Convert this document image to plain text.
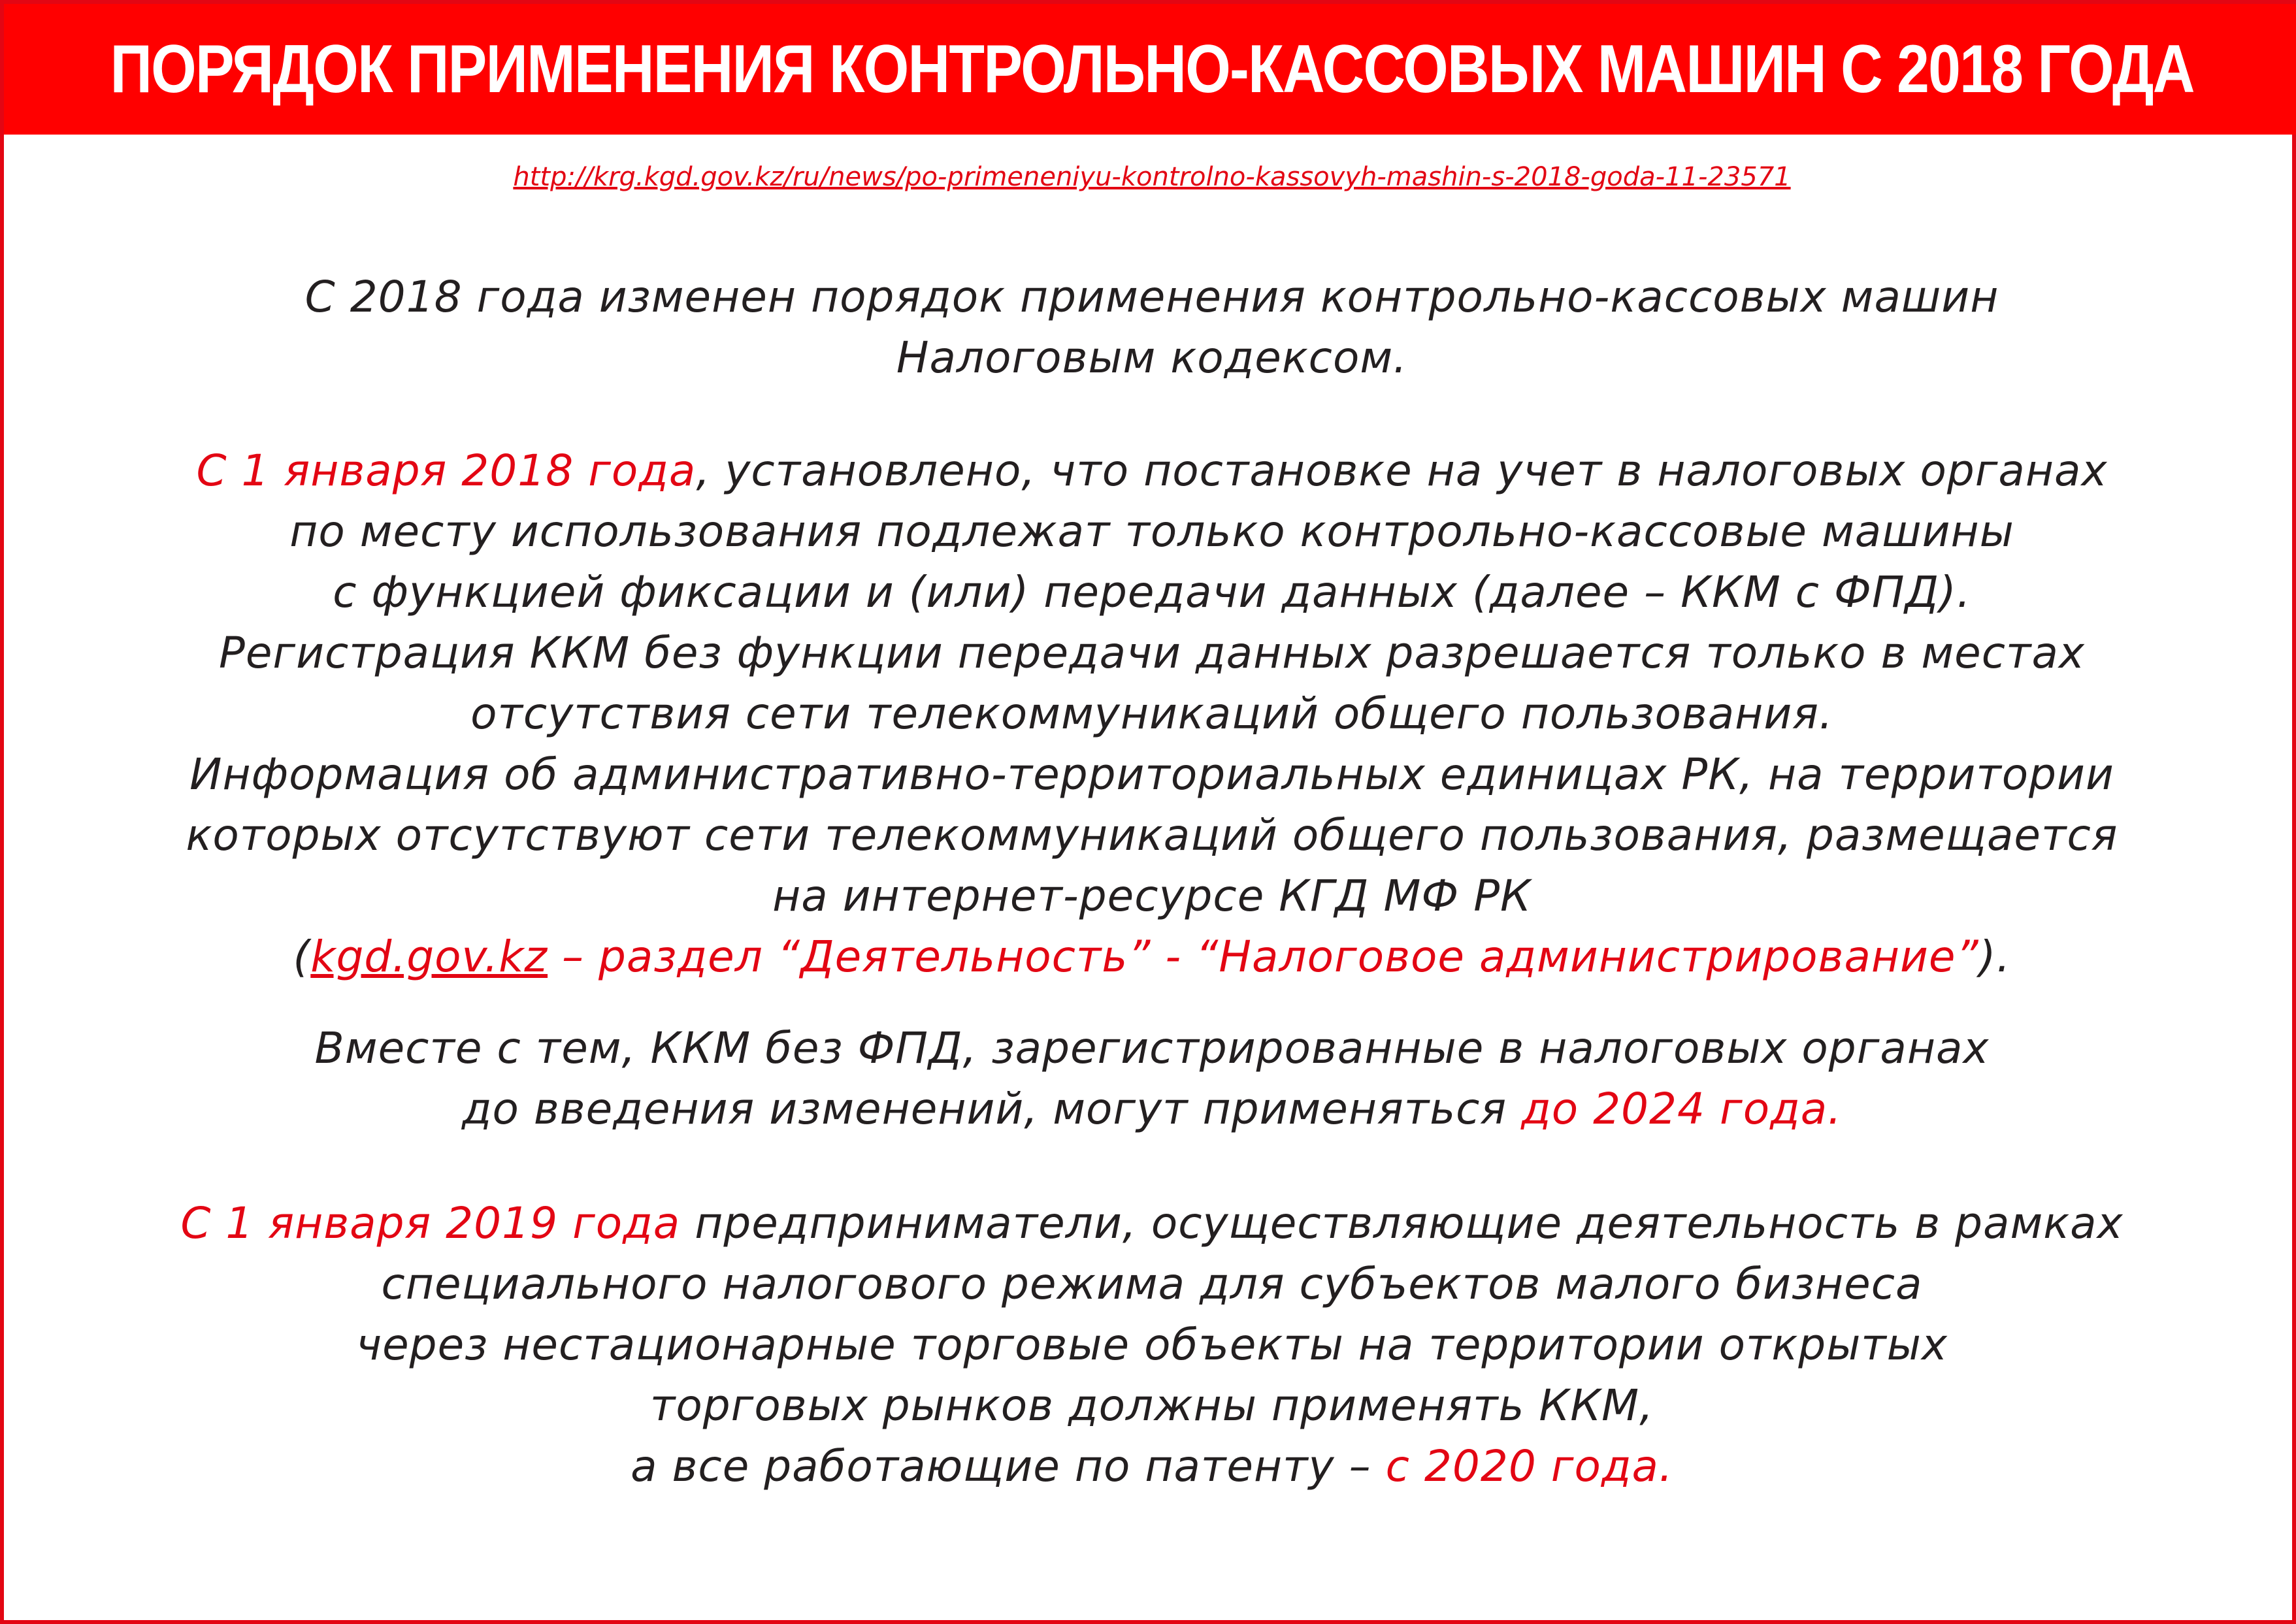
ПОРЯДОК ПРИМЕНЕНИЯ КОНТРОЛЬНО-КАССОВЫХ МАШИН С 2018 ГОДА
http://krg.kgd.gov.kz/ru/news/po-primeneniyu-kontrolno-kassovyh-mashin-s-2018-goda-11-23571
С 2018 года изменен порядок применения контрольно-кассовых машин
Налоговым кодексом.
С 1 января 2018 года, установлено, что постановке на учет в налоговых органах
по месту использования подлежат только контрольно-кассовые машины
с функцией фиксации и (или) передачи данных (далее – ККМ с ФПД).
Регистрация ККМ без функции передачи данных разрешается только в местах
отсутствия сети телекоммуникаций общего пользования.
Информация об административно-территориальных единицах РК, на территории
которых отсутствуют сети телекоммуникаций общего пользования, размещается
на интернет-ресурсе КГД МФ РК
(kgd.gov.kz – раздел “Деятельность” - “Налоговое администрирование”).
Вместе с тем, ККМ без ФПД, зарегистрированные в налоговых органах
до введения изменений, могут применяться до 2024 года.
С 1 января 2019 года предприниматели, осуществляющие деятельность в рамках
специального налогового режима для субъектов малого бизнеса
через нестационарные торговые объекты на территории открытых
торговых рынков должны применять ККМ,
а все работающие по патенту – с 2020 года.
